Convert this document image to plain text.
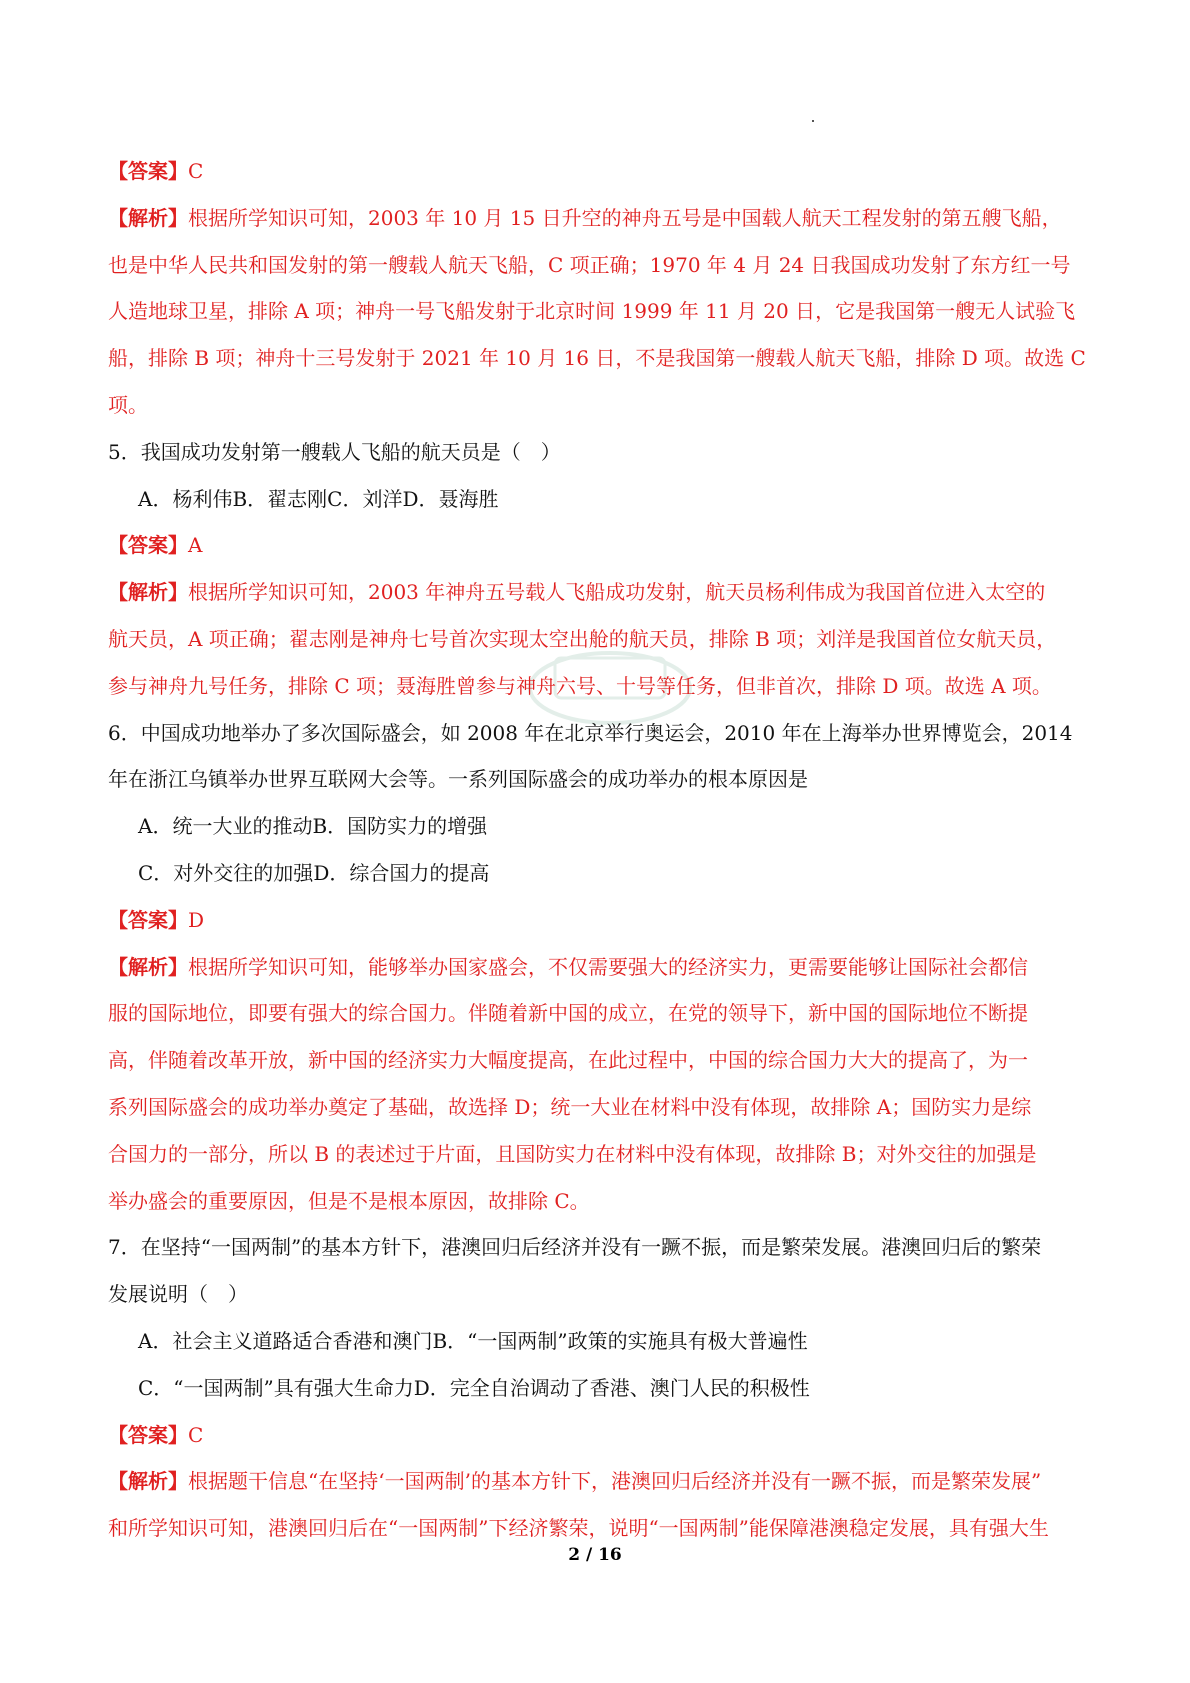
【答案】C
【解析】根据所学知识可知，2003 年 10 月 15 日升空的神舟五号是中国载人航天工程发射的第五艘飞船，
也是中华人民共和国发射的第一艘载人航天飞船，C 项正确；1970 年 4 月 24 日我国成功发射了东方红一号
人造地球卫星，排除 A 项；神舟一号飞船发射于北京时间 1999 年 11 月 20 日，它是我国第一艘无人试验飞
船，排除 B 项；神舟十三号发射于 2021 年 10 月 16 日，不是我国第一艘载人航天飞船，排除 D 项。故选 C
项。
5．我国成功发射第一艘载人飞船的航天员是（　）
A．杨利伟 B．翟志刚 C．刘洋 D．聂海胜
【答案】A
【解析】根据所学知识可知，2003 年神舟五号载人飞船成功发射，航天员杨利伟成为我国首位进入太空的
航天员，A 项正确；翟志刚是神舟七号首次实现太空出舱的航天员，排除 B 项；刘洋是我国首位女航天员，
参与神舟九号任务，排除 C 项；聂海胜曾参与神舟六号、十号等任务，但非首次，排除 D 项。故选 A 项。
6．中国成功地举办了多次国际盛会，如 2008 年在北京举行奥运会，2010 年在上海举办世界博览会，2014
年在浙江乌镇举办世界互联网大会等。一系列国际盛会的成功举办的根本原因是
A．统一大业的推动 B．国防实力的增强
C．对外交往的加强 D．综合国力的提高
【答案】D
【解析】根据所学知识可知，能够举办国家盛会，不仅需要强大的经济实力，更需要能够让国际社会都信
服的国际地位，即要有强大的综合国力。伴随着新中国的成立，在党的领导下，新中国的国际地位不断提
高，伴随着改革开放，新中国的经济实力大幅度提高，在此过程中，中国的综合国力大大的提高了，为一
系列国际盛会的成功举办奠定了基础，故选择 D；统一大业在材料中没有体现，故排除 A；国防实力是综
合国力的一部分，所以 B 的表述过于片面，且国防实力在材料中没有体现，故排除 B；对外交往的加强是
举办盛会的重要原因，但是不是根本原因，故排除 C。
7．在坚持“一国两制”的基本方针下，港澳回归后经济并没有一蹶不振，而是繁荣发展。港澳回归后的繁荣
发展说明（　）
A．社会主义道路适合香港和澳门 B．“一国两制”政策的实施具有极大普遍性
C．“一国两制”具有强大生命力 D．完全自治调动了香港、澳门人民的积极性
【答案】C
【解析】根据题干信息“在坚持‘一国两制’的基本方针下，港澳回归后经济并没有一蹶不振，而是繁荣发展”
和所学知识可知，港澳回归后在“一国两制”下经济繁荣，说明“一国两制”能保障港澳稳定发展，具有强大生
2 / 16
